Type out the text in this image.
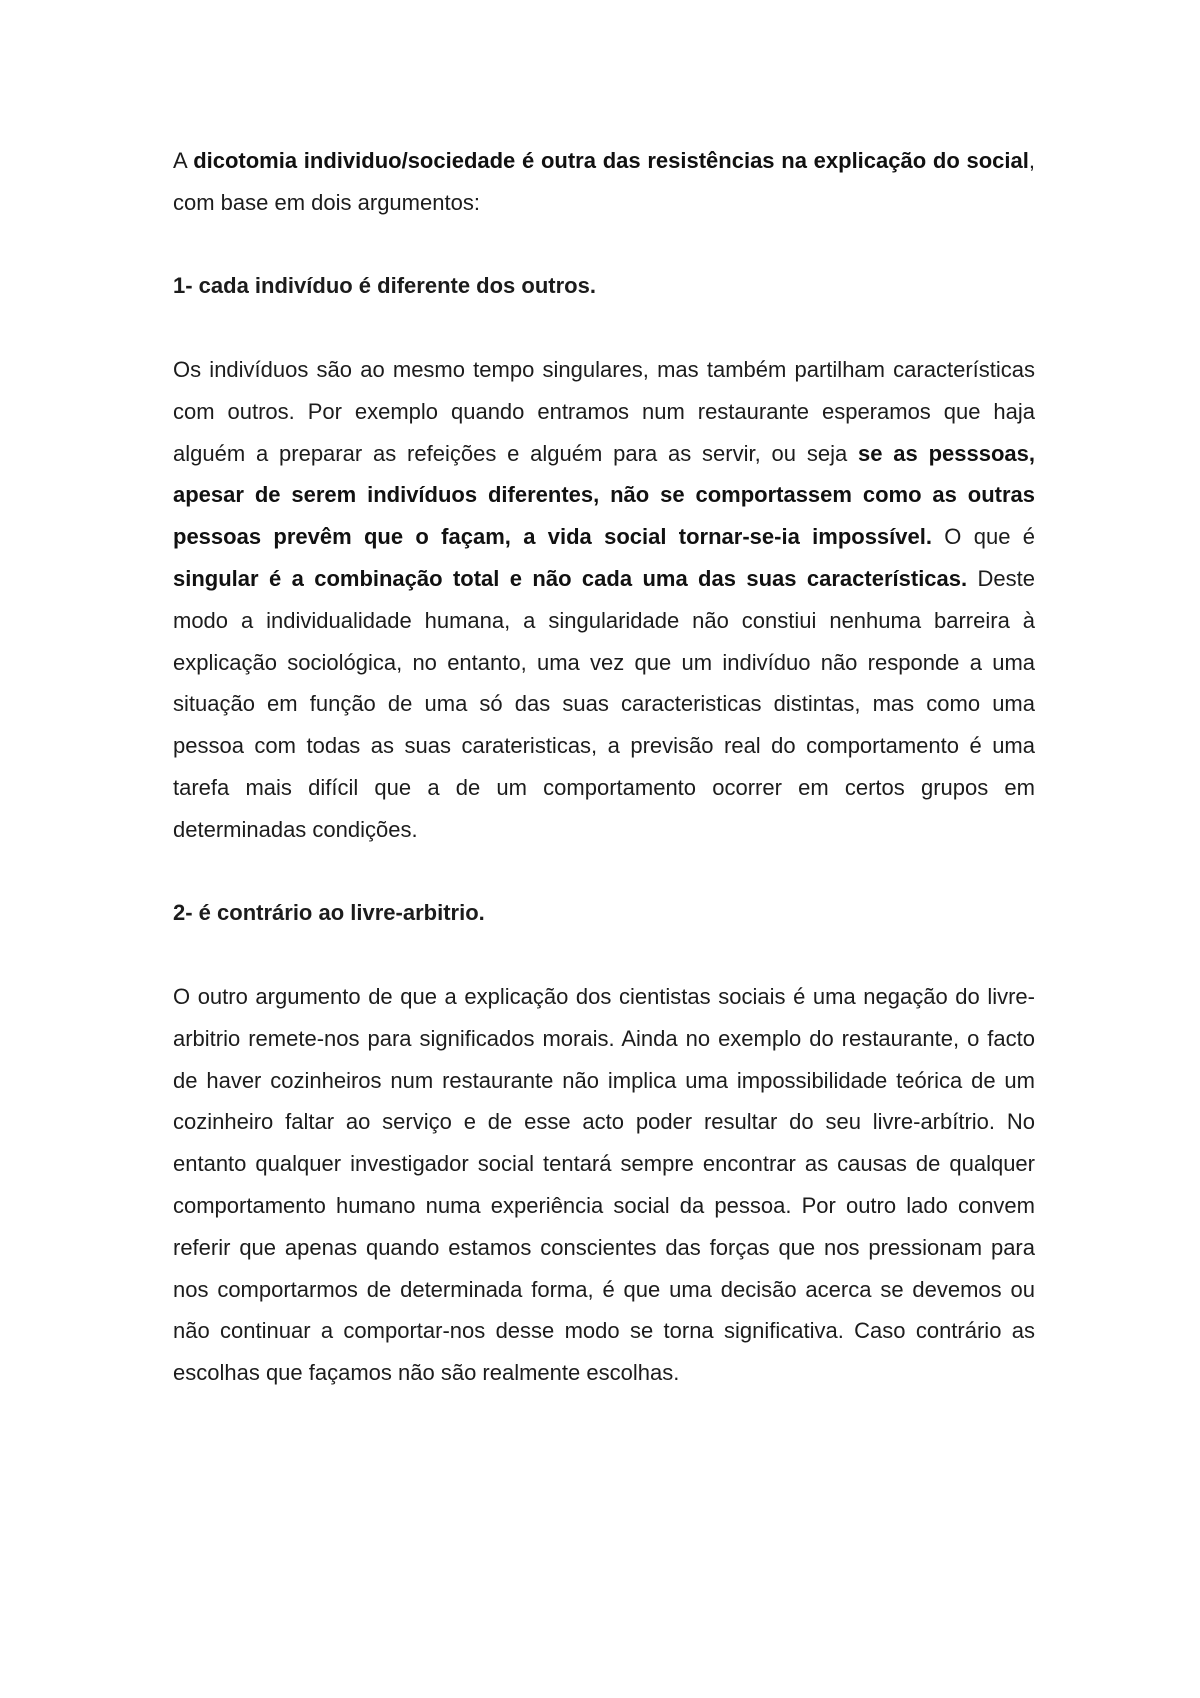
A dicotomia individuo/sociedade é outra das resistências na explicação do social, com base em dois argumentos:

1- cada indivíduo é diferente dos outros.

Os indivíduos são ao mesmo tempo singulares, mas também partilham características com outros. Por exemplo quando entramos num restaurante esperamos que haja alguém a preparar as refeições e alguém para as servir, ou seja se as pesssoas, apesar de serem indivíduos diferentes, não se comportassem como as outras pessoas prevêm que o façam, a vida social tornar-se-ia impossível. O que é singular é a combinação total e não cada uma das suas características. Deste modo a individualidade humana, a singularidade não constiui nenhuma barreira à explicação sociológica, no entanto, uma vez que um indivíduo não responde a uma situação em função de uma só das suas caracteristicas distintas, mas como uma pessoa com todas as suas carateristicas, a previsão real do comportamento é uma tarefa mais difícil que a de um comportamento ocorrer em certos grupos em determinadas condições.

2- é contrário ao livre-arbitrio.

O outro argumento de que a explicação dos cientistas sociais é uma negação do livre-arbitrio remete-nos para significados morais. Ainda no exemplo do restaurante, o facto de haver cozinheiros num restaurante não implica uma impossibilidade teórica de um cozinheiro faltar ao serviço e de esse acto poder resultar do seu livre-arbítrio. No entanto qualquer investigador social tentará sempre encontrar as causas de qualquer comportamento humano numa experiência social da pessoa. Por outro lado convem referir que apenas quando estamos conscientes das forças que nos pressionam para nos comportarmos de determinada forma, é que uma decisão acerca se devemos ou não continuar a comportar-nos desse modo se torna significativa. Caso contrário as escolhas que façamos não são realmente escolhas.
